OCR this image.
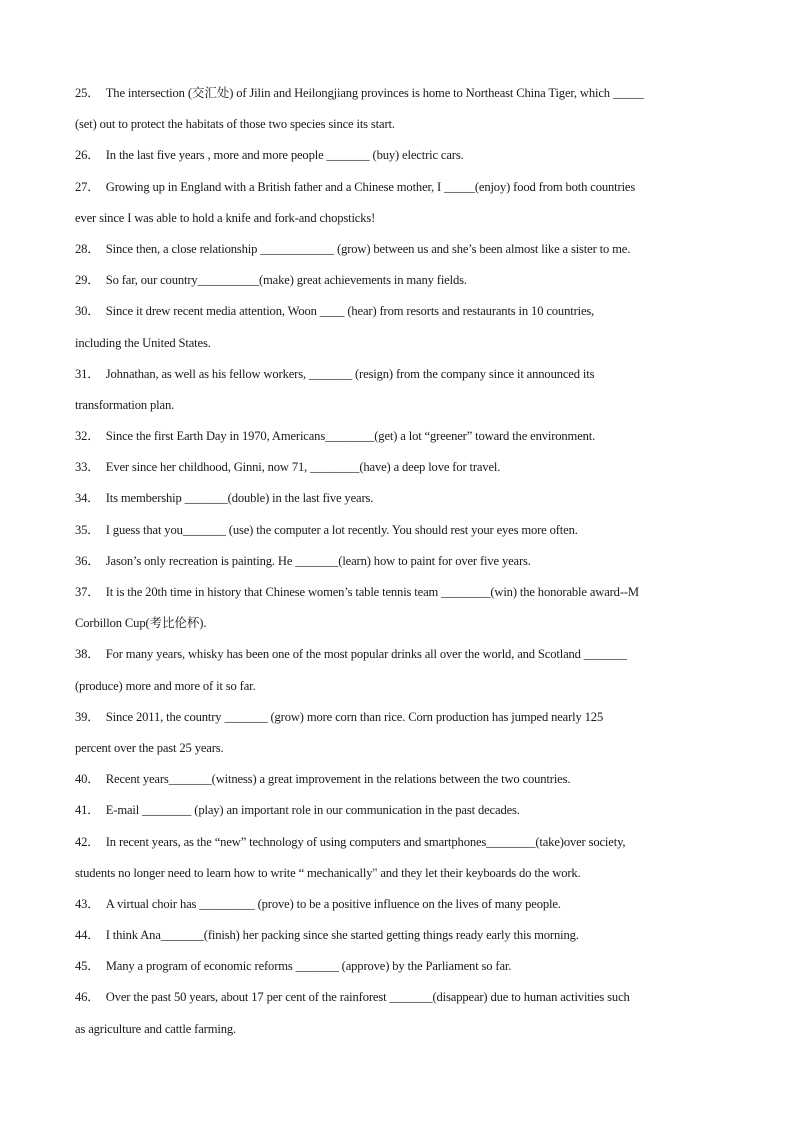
25． The intersection (交汇处) of Jilin and Heilongjiang provinces is home to Northeast China Tiger, which _____
(set) out to protect the habitats of those two species since its start.
26． In the last five years , more and more people _______ (buy) electric cars.
27． Growing up in England with a British father and a Chinese mother, I _____(enjoy) food from both countries
ever since I was able to hold a knife and fork-and chopsticks!
28． Since then, a close relationship ____________ (grow) between us and she’s been almost like a sister to me.
29． So far, our country__________(make) great achievements in many fields.
30． Since it drew recent media attention, Woon ____ (hear) from resorts and restaurants in 10 countries,
including the United States.
31． Johnathan, as well as his fellow workers, _______ (resign) from the company since it announced its
transformation plan.
32． Since the first Earth Day in 1970, Americans________(get) a lot “greener” toward the environment.
33． Ever since her childhood, Ginni, now 71, ________(have) a deep love for travel.
34． Its membership _______(double) in the last five years.
35． I guess that you_______ (use) the computer a lot recently. You should rest your eyes more often.
36． Jason’s only recreation is painting. He _______(learn) how to paint for over five years.
37． It is the 20th time in history that Chinese women’s table tennis team ________(win) the honorable award--M
Corbillon Cup(考比伦杯).
38． For many years, whisky has been one of the most popular drinks all over the world, and Scotland _______
(produce) more and more of it so far.
39． Since 2011, the country _______ (grow) more corn than rice. Corn production has jumped nearly 125
percent over the past 25 years.
40． Recent years_______(witness) a great improvement in the relations between the two countries.
41． E-mail ________ (play) an important role in our communication in the past decades.
42． In recent years, as the “new” technology of using computers and smartphones________(take)over society,
students no longer need to learn how to write “ mechanically" and they let their keyboards do the work.
43． A virtual choir has _________ (prove) to be a positive influence on the lives of many people.
44． I think Ana_______(finish) her packing since she started getting things ready early this morning.
45． Many a program of economic reforms _______ (approve) by the Parliament so far.
46． Over the past 50 years, about 17 per cent of the rainforest _______(disappear) due to human activities such
as agriculture and cattle farming.
